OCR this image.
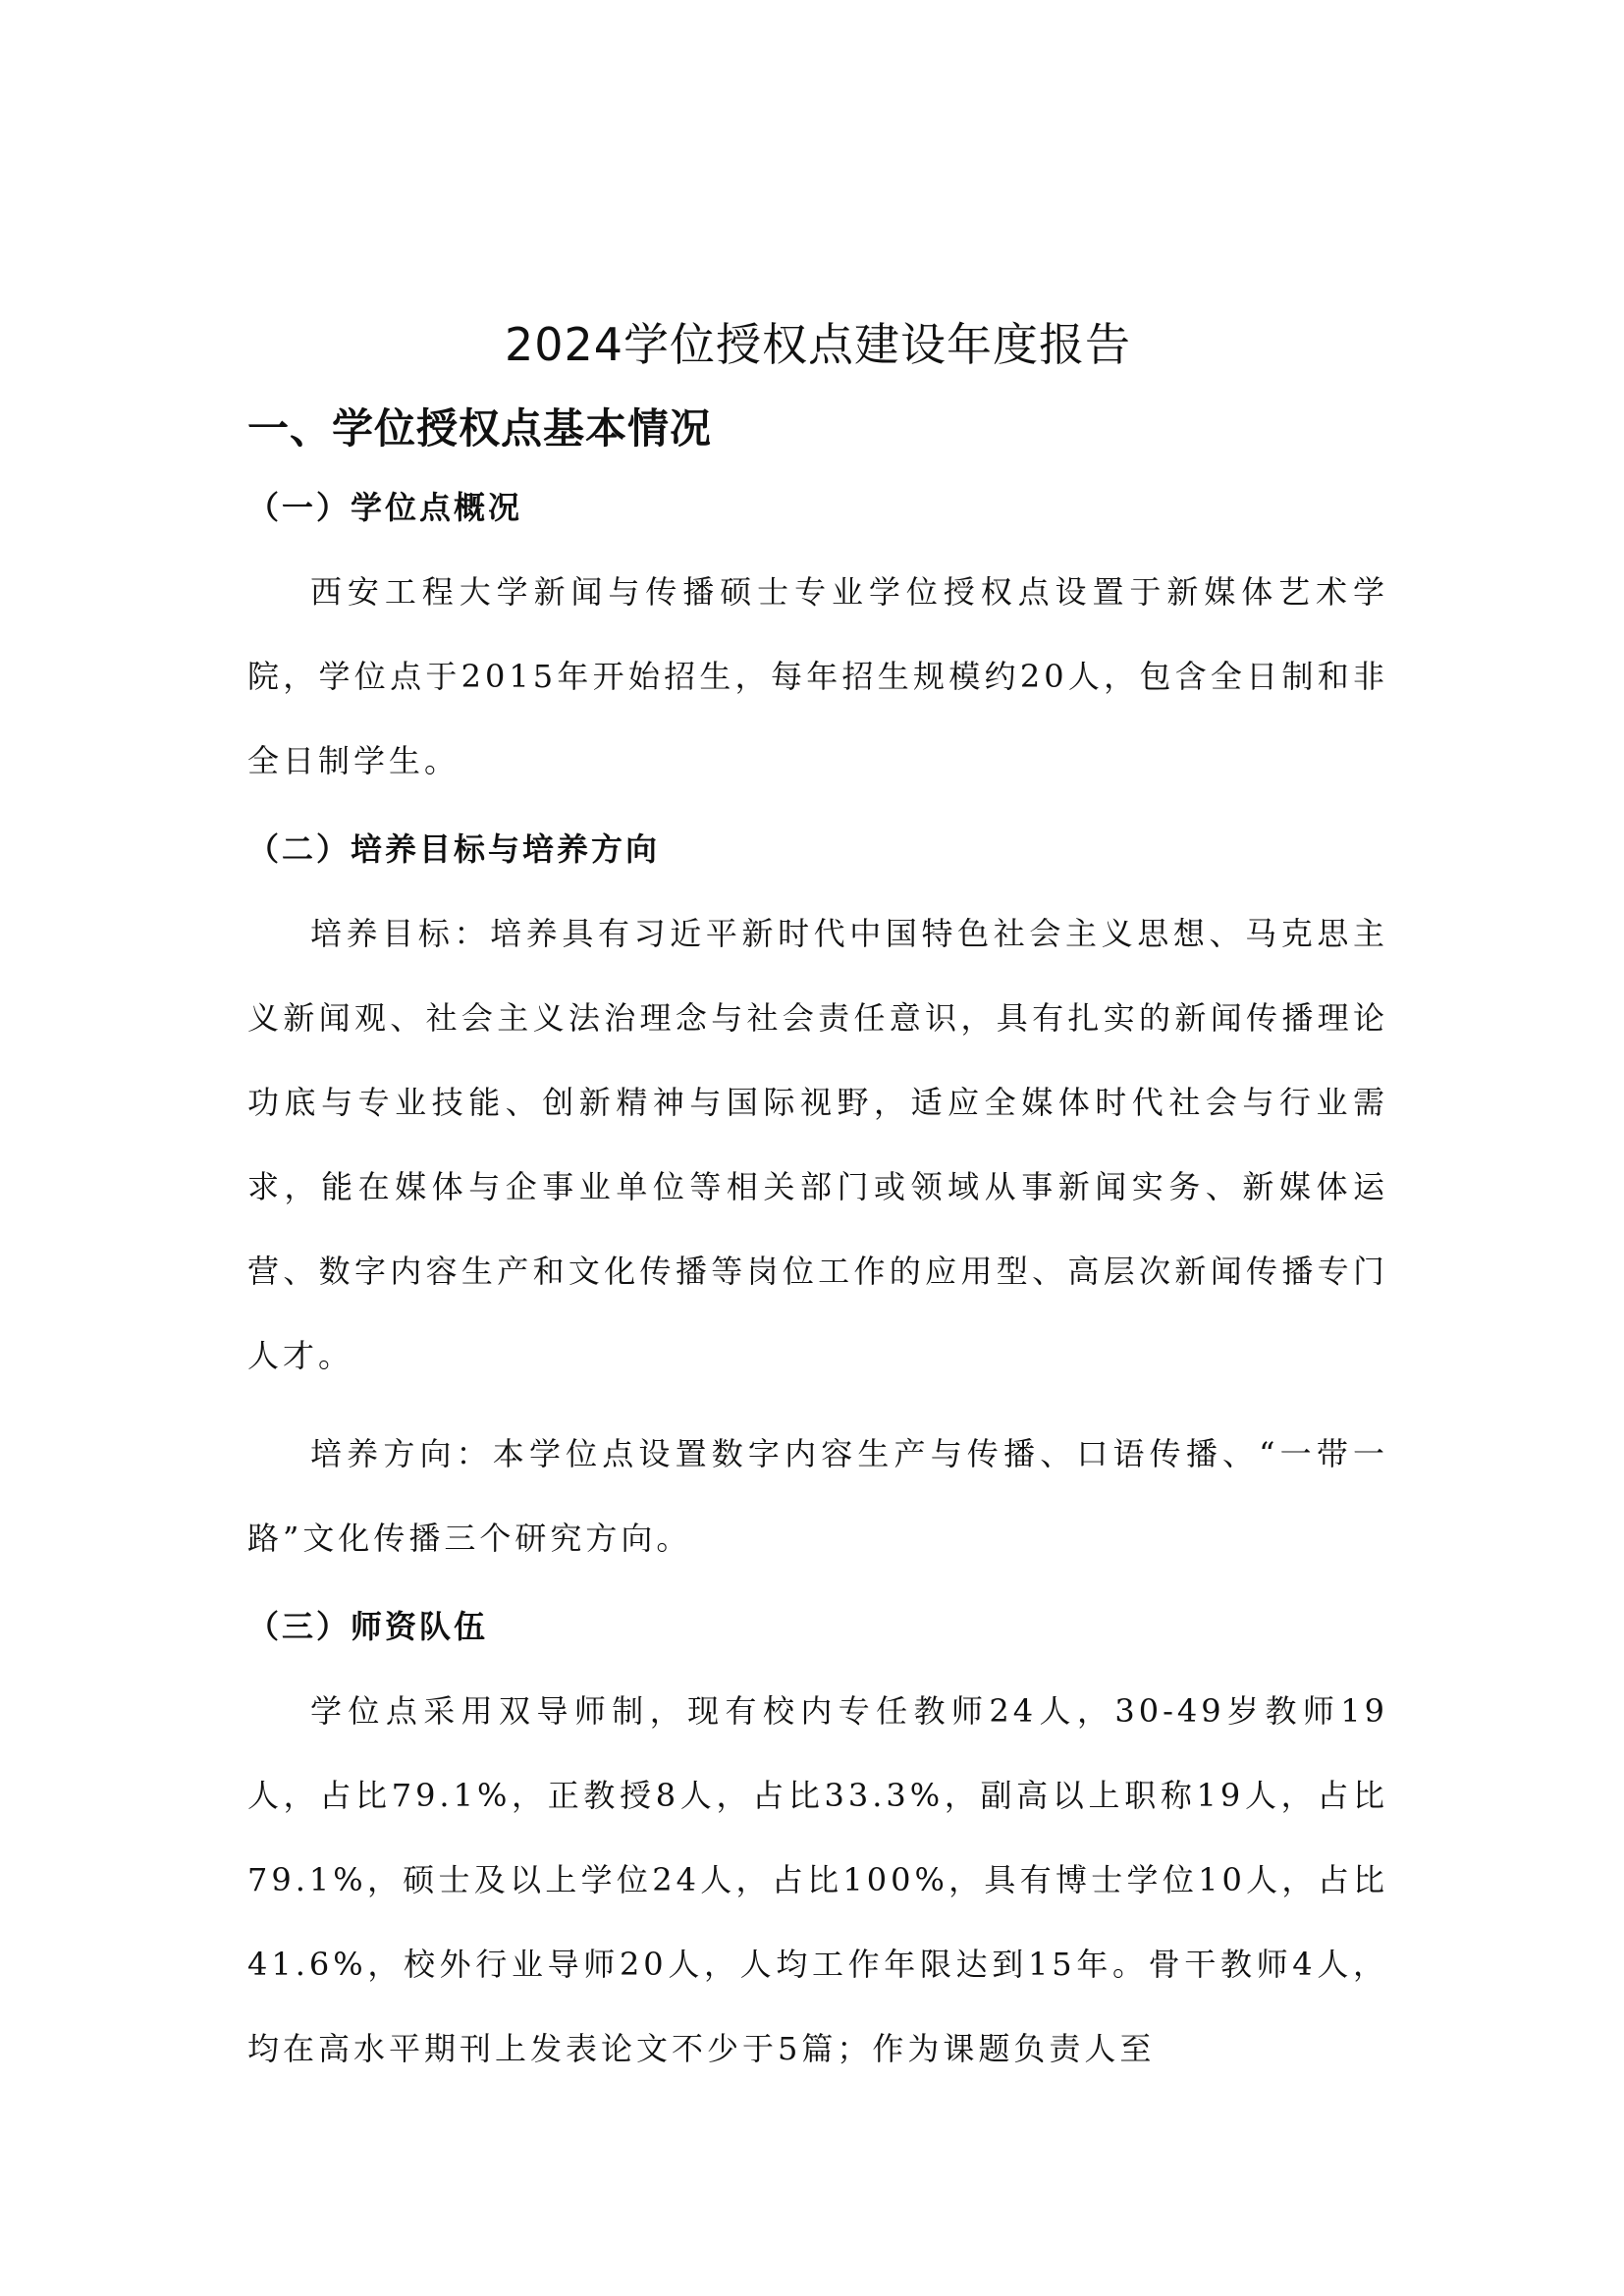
2024学位授权点建设年度报告
一、学位授权点基本情况
（一）学位点概况

西安工程大学新闻与传播硕士专业学位授权点设置于新媒体艺术学院，学位点于2015年开始招生，每年招生规模约20人，包含全日制和非全日制学生。

（二）培养目标与培养方向

培养目标：培养具有习近平新时代中国特色社会主义思想、马克思主义新闻观、社会主义法治理念与社会责任意识，具有扎实的新闻传播理论功底与专业技能、创新精神与国际视野，适应全媒体时代社会与行业需求，能在媒体与企事业单位等相关部门或领域从事新闻实务、新媒体运营、数字内容生产和文化传播等岗位工作的应用型、高层次新闻传播专门人才。

培养方向：本学位点设置数字内容生产与传播、口语传播、“一带一路”文化传播三个研究方向。

（三）师资队伍

学位点采用双导师制，现有校内专任教师24人，30-49岁教师19人，占比79.1%，正教授8人，占比33.3%，副高以上职称19人，占比79.1%，硕士及以上学位24人，占比100%，具有博士学位10人，占比41.6%，校外行业导师20人，人均工作年限达到15年。骨干教师4人，均在高水平期刊上发表论文不少于5篇；作为课题负责人至
